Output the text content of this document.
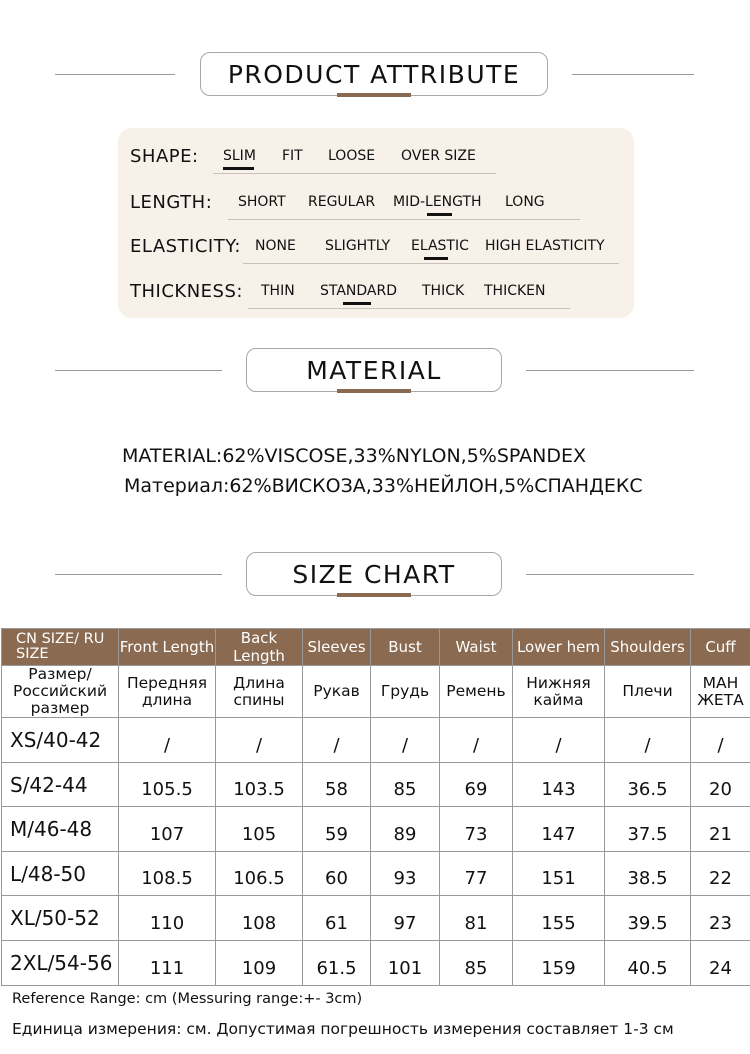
PRODUCT ATTRIBUTE
SHAPE: SLIM FIT LOOSE OVER SIZE
LENGTH: SHORT REGULAR MID-LENGTH LONG
ELASTICITY: NONE SLIGHTLY ELASTIC HIGH ELASTICITY
THICKNESS: THIN STANDARD THICK THICKEN
MATERIAL
MATERIAL:62%VISCOSE,33%NYLON,5%SPANDEX
Материал:62%ВИСКОЗА,33%НЕЙЛОН,5%СПАНДЕКС
SIZE CHART
CN SIZE/ RU SIZE	Front Length	Back Length	Sleeves	Bust	Waist	Lower hem	Shoulders	Cuff
Размер/ Российский размер	Передняя длина	Длина спины	Рукав	Грудь	Ремень	Нижняя кайма	Плечи	МАН ЖЕТА
XS/40-42	/	/	/	/	/	/	/	/
S/42-44	105.5	103.5	58	85	69	143	36.5	20
M/46-48	107	105	59	89	73	147	37.5	21
L/48-50	108.5	106.5	60	93	77	151	38.5	22
XL/50-52	110	108	61	97	81	155	39.5	23
2XL/54-56	111	109	61.5	101	85	159	40.5	24
Reference Range: cm (Messuring range:+- 3cm)
Единица измерения: см. Допустимая погрешность измерения составляет 1-3 см
